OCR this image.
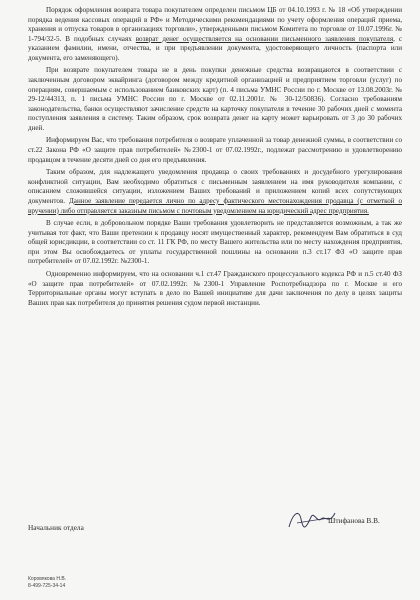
Порядок оформления возврата товара покупателем определен письмом ЦБ от 04.10.1993 г. № 18 «Об утверждении порядка ведения кассовых операций в РФ» и Методическими рекомендациями по учету оформления операций приема, хранения и отпуска товаров в организациях торговли», утвержденными письмом Комитета по торговле от 10.07.1996г. № 1-794/32-5. В подобных случаях возврат денег осуществляется на основании письменного заявления покупателя, с указанием фамилии, имени, отчества, и при предъявлении документа, удостоверяющего личность (паспорта или документа, его заменяющего).

При возврате покупателем товара не в день покупки денежные средства возвращаются в соответствии с заключенным договором эквайринга (договором между кредитной организацией и предприятием торговли (услуг) по операциям, совершаемым с использованием банковских карт) (п. 4 письма УМНС России по г. Москве от 13.08.2003г. № 29-12/44313, п. 1 письма УМНС России по г. Москве от 02.11.2001г. № 30-12/50836). Согласно требованиям законодательства, банки осуществляют зачисление средств на карточку покупателя в течение 30 рабочих дней с момента поступления заявления в систему. Таким образом, срок возврата денег на карту может варьировать от 3 до 30 рабочих дней.

Информируем Вас, что требования потребителя о возврате уплаченной за товар денежной суммы, в соответствии со ст.22 Закона РФ «О защите прав потребителей» №2300-1 от 07.02.1992г., подлежат рассмотрению и удовлетворению продавцом в течение десяти дней со дня его предъявления.

Таким образом, для надлежащего уведомления продавца о своих требованиях и досудебного урегулирования конфликтной ситуации, Вам необходимо обратиться с письменным заявлением на имя руководителя компании, с описанием сложившейся ситуации, изложением Ваших требований и приложением копий всех сопутствующих документов. Данное заявление передается лично по адресу фактического местонахождения продавца (с отметкой о вручении) либо отправляется заказным письмом с почтовым уведомлением на юридический адрес предприятия.

В случае если, в добровольном порядке Ваши требования удовлетворить не представляется возможным, а так же учитывая тот факт, что Ваши претензии к продавцу носят имущественный характер, рекомендуем Вам обратиться в суд общей юрисдикции, в соответствии со ст. 11 ГК РФ, по месту Вашего жительства или по месту нахождения предприятия, при этом Вы освобождаетесь от уплаты государственной пошлины на основании п.3 ст.17 ФЗ «О защите прав потребителей» от 07.02.1992г. №2300-1.

Одновременно информируем, что на основании ч.1 ст.47 Гражданского процессуального кодекса РФ и п.5 ст.40 ФЗ «О защите прав потребителей» от 07.02.1992г. №2300-1 Управление Роспотребнадзора по г. Москве и его Территориальные органы могут вступать в дело по Вашей инициативе для дачи заключения по делу в целях защиты Ваших прав как потребителя до принятия решения судом первой инстанции.

Начальник отдела
Штифанова В.В.
Коровякова Н.В.
8-499-725-34-14
